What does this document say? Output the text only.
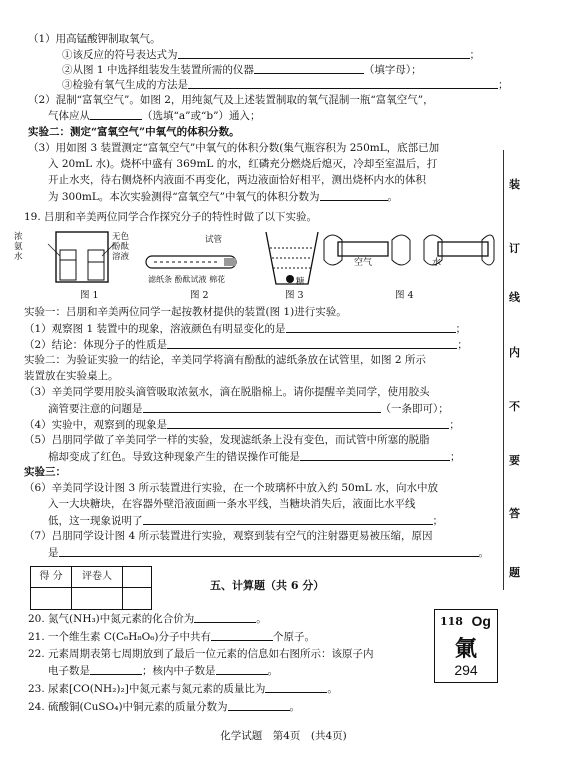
（1）用高锰酸钾制取氧气。
①该反应的符号表达式为	；
②从图 1 中选择组装发生装置所需的仪器	（填字母）；
③检验有氧气生成的方法是	；
（2）混制“富氧空气”。如图 2，用纯氮气及上述装置制取的氧气混制一瓶“富氧空气”，
气体应从	（选填“a”或“b”）通入；
实验二：测定“富氧空气”中氧气的体积分数。
（3）用如图 3 装置测定“富氧空气”中氧气的体积分数(集气瓶容积为 250mL，底部已加
入 20mL 水)。烧杯中盛有 369mL 的水，红磷充分燃烧后熄灭，冷却至室温后，打
开止水夹，待右侧烧杯内液面不再变化，两边液面恰好相平，测出烧杯内水的体积
为 300mL。本次实验测得“富氧空气”中氧气的体积分数为	。
19. 吕朋和辛美两位同学合作探究分子的特性时做了以下实验。
浓氨水
无色酚酞溶液
试管
滤纸条 酚酞试液 棉花	糖
空气	水
图 1	图 2	图 3	图 4
实验一：吕朋和辛美两位同学一起按教材提供的装置(图 1)进行实验。
（1）观察图 1 装置中的现象，溶液颜色有明显变化的是	；
（2）结论：体现分子的性质是	；
实验二：为验证实验一的结论，辛美同学将滴有酚酞的滤纸条放在试管里，如图 2 所示
装置放在实验桌上。
（3）辛美同学要用胶头滴管吸取浓氨水，滴在脱脂棉上。请你提醒辛美同学，使用胶头
滴管要注意的问题是	（一条即可）；
（4）实验中，观察到的现象是	；
（5）吕朋同学做了辛美同学一样的实验，发现滤纸条上没有变色，而试管中所塞的脱脂
棉却变成了红色。导致这种现象产生的错误操作可能是	；
实验三：
（6）辛美同学设计图 3 所示装置进行实验，在一个玻璃杯中放入约 50mL 水，向水中放
入一大块糖块，在容器外壁沿液面画一条水平线，当糖块消失后，液面比水平线
低，这一现象说明了	；
（7）吕朋同学设计图 4 所示装置进行实验，观察到装有空气的注射器更易被压缩，原因
是	。
得 分	评卷人
五、计算题（共 6 分）
20. 氮气(NH₃)中氮元素的化合价为	。
21. 一个维生素 C(C₆H₈O₆)分子中共有	个原子。
22. 元素周期表第七周期放到了最后一位元素的信息如右图所示：该原子内
电子数是	；核内中子数是	。
23. 尿素[CO(NH₂)₂]中氮元素与氮元素的质量比为	。
24. 硫酸铜(CuSO₄)中铜元素的质量分数为	。
118 Og
氭
294
装
订
线
内
不
要
答
题
化学试题　第4页　(共4页)
